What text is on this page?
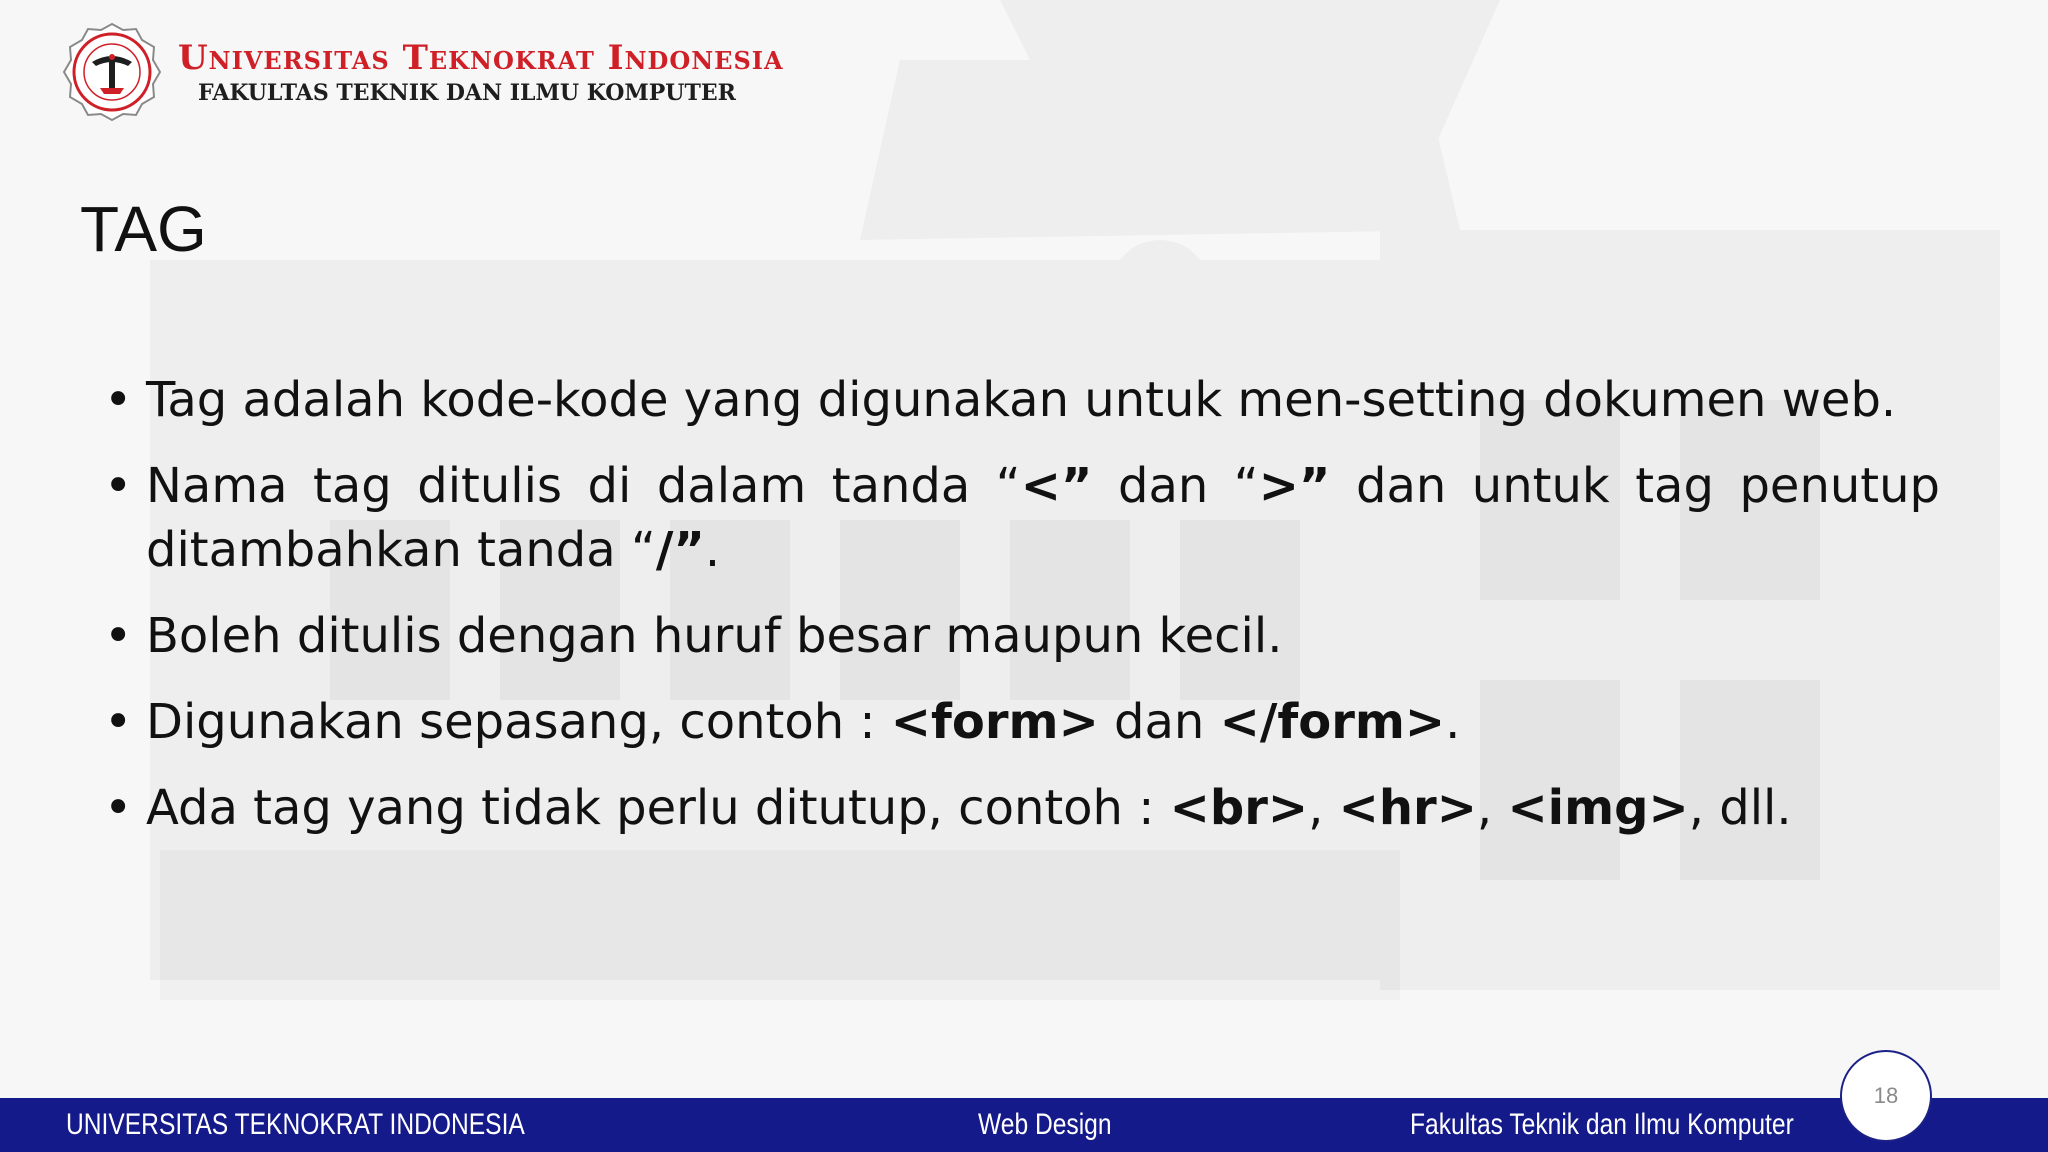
Universitas Teknokrat Indonesia
FAKULTAS TEKNIK DAN ILMU KOMPUTER
TAG
• Tag adalah kode-kode yang digunakan untuk men-setting dokumen web.
• Nama tag ditulis di dalam tanda “<” dan “>” dan untuk tag penutup ditambahkan tanda “/”.
• Boleh ditulis dengan huruf besar maupun kecil.
• Digunakan sepasang, contoh : <form> dan </form>.
• Ada tag yang tidak perlu ditutup, contoh : <br>, <hr>, <img>, dll.
UNIVERSITAS TEKNOKRAT INDONESIA	Web Design	Fakultas Teknik dan Ilmu Komputer
18
